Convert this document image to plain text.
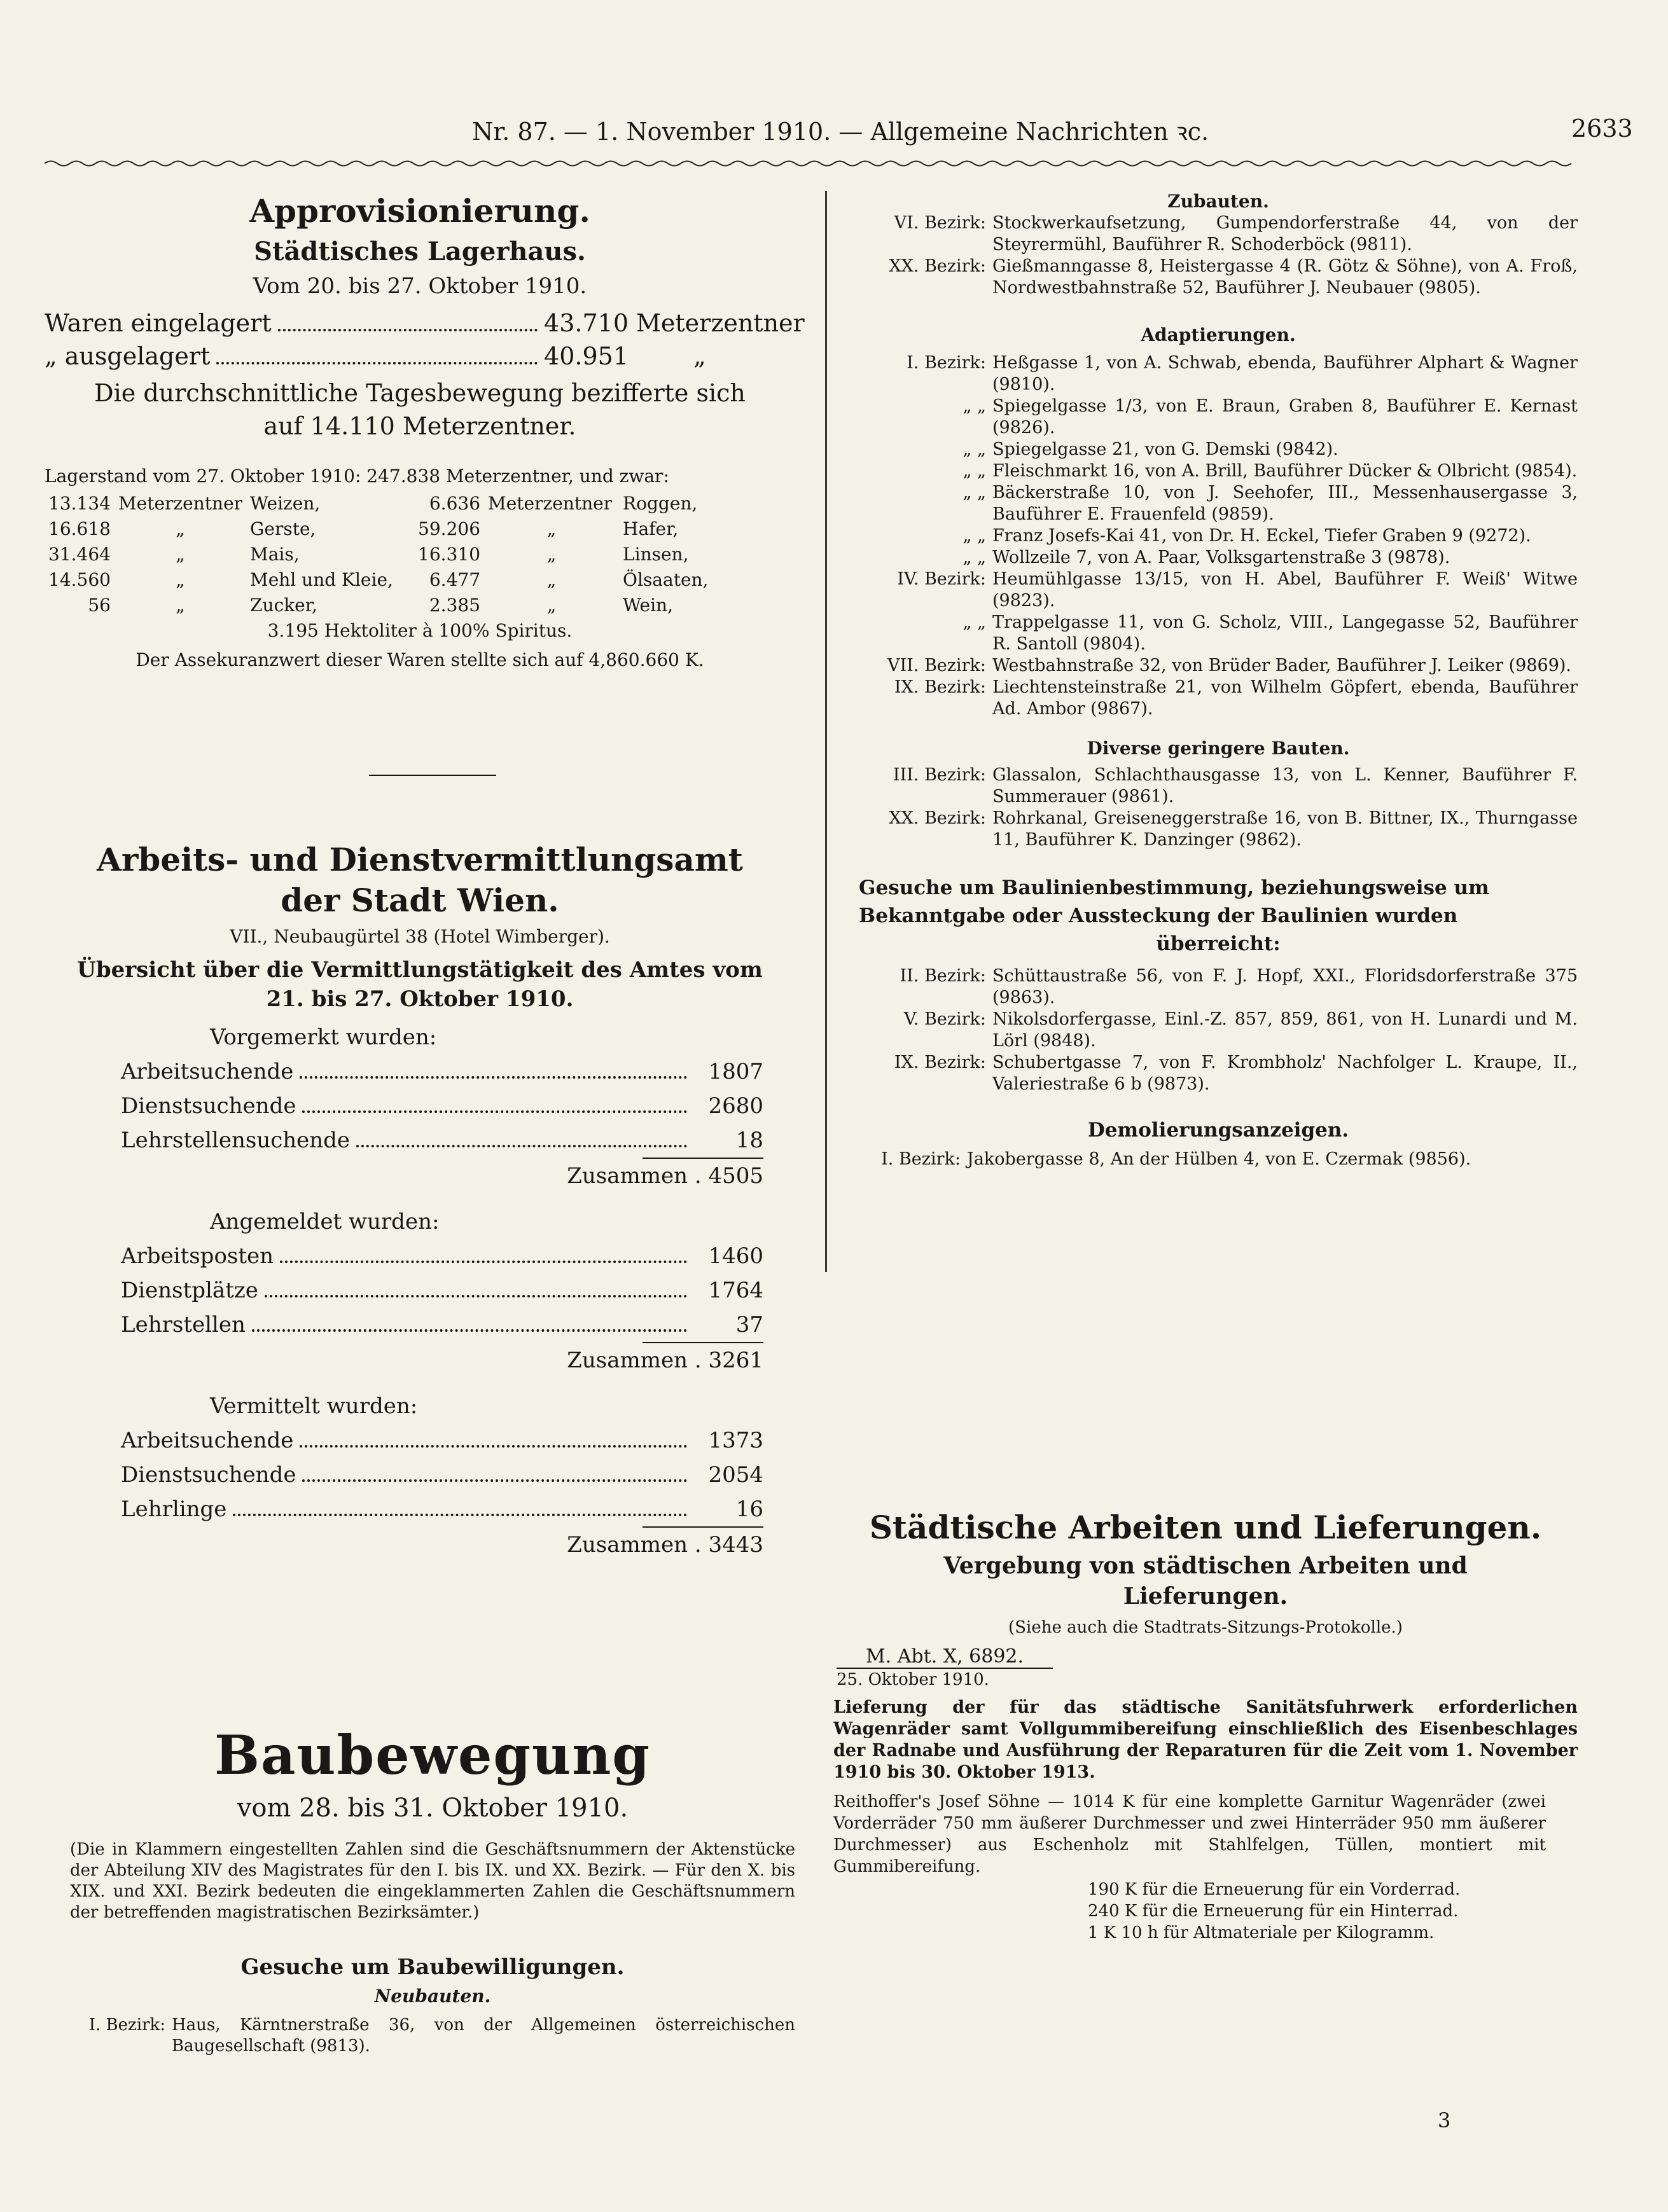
Nr. 87. — 1. November 1910. — Allgemeine Nachrichten ꝛc.	2633
Approvisionierung.
Städtisches Lagerhaus.
Vom 20. bis 27. Oktober 1910.
Waren eingelagert	43.710 Meterzentner
„ ausgelagert	40.951	„
Die durchschnittliche Tagesbewegung bezifferte sich auf 14.110 Meterzentner.
Lagerstand vom 27. Oktober 1910: 247.838 Meterzentner, und zwar:
13.134	Meterzentner	Weizen,	6.636	Meterzentner	Roggen,
16.618	„	Gerste,	59.206	„	Hafer,
31.464	„	Mais,	16.310	„	Linsen,
14.560	„	Mehl und Kleie,	6.477	„	Ölsaaten,
56	„	Zucker,	2.385	„	Wein,
3.195 Hektoliter à 100% Spiritus.
Der Assekuranzwert dieser Waren stellte sich auf 4,860.660 K.
Arbeits- und Dienstvermittlungsamt
der Stadt Wien.
VII., Neubaugürtel 38 (Hotel Wimberger).
Übersicht über die Vermittlungstätigkeit des Amtes vom
21. bis 27. Oktober 1910.
Vorgemerkt wurden:
Arbeitsuchende	1807
Dienstsuchende	2680
Lehrstellensuchende	18
Zusammen . 4505
Angemeldet wurden:
Arbeitsposten	1460
Dienstplätze	1764
Lehrstellen	37
Zusammen . 3261
Vermittelt wurden:
Arbeitsuchende	1373
Dienstsuchende	2054
Lehrlinge	16
Zusammen . 3443
Baubewegung
vom 28. bis 31. Oktober 1910.
(Die in Klammern eingestellten Zahlen sind die Geschäftsnummern der Aktenstücke der Abteilung XIV des Magistrates für den I. bis IX. und XX. Bezirk. — Für den X. bis XIX. und XXI. Bezirk bedeuten die eingeklammerten Zahlen die Geschäftsnummern der betreffenden magistratischen Bezirksämter.)
Gesuche um Baubewilligungen.
Neubauten.
I. Bezirk: Haus, Kärntnerstraße 36, von der Allgemeinen österreichischen Baugesellschaft (9813).
Zubauten.
VI. Bezirk: Stockwerkaufsetzung, Gumpendorferstraße 44, von der Steyrermühl, Bauführer R. Schoderböck (9811).
XX. Bezirk: Gießmanngasse 8, Heistergasse 4 (R. Götz & Söhne), von A. Froß, Nordwestbahnstraße 52, Bauführer J. Neubauer (9805).
Adaptierungen.
I. Bezirk: Heßgasse 1, von A. Schwab, ebenda, Bauführer Alphart & Wagner (9810).
„ „ Spiegelgasse 1/3, von E. Braun, Graben 8, Bauführer E. Kernast (9826).
„ „ Spiegelgasse 21, von G. Demski (9842).
„ „ Fleischmarkt 16, von A. Brill, Bauführer Dücker & Olbricht (9854).
„ „ Bäckerstraße 10, von J. Seehofer, III., Messenhausergasse 3, Bauführer E. Frauenfeld (9859).
„ „ Franz Josefs-Kai 41, von Dr. H. Eckel, Tiefer Graben 9 (9272).
„ „ Wollzeile 7, von A. Paar, Volksgartenstraße 3 (9878).
IV. Bezirk: Heumühlgasse 13/15, von H. Abel, Bauführer F. Weiß' Witwe (9823).
„ „ Trappelgasse 11, von G. Scholz, VIII., Langegasse 52, Bauführer R. Santoll (9804).
VII. Bezirk: Westbahnstraße 32, von Brüder Bader, Bauführer J. Leiker (9869).
IX. Bezirk: Liechtensteinstraße 21, von Wilhelm Göpfert, ebenda, Bauführer Ad. Ambor (9867).
Diverse geringere Bauten.
III. Bezirk: Glassalon, Schlachthausgasse 13, von L. Kenner, Bauführer F. Summerauer (9861).
XX. Bezirk: Rohrkanal, Greiseneggerstraße 16, von B. Bittner, IX., Thurngasse 11, Bauführer K. Danzinger (9862).
Gesuche um Baulinienbestimmung, beziehungsweise um
Bekanntgabe oder Aussteckung der Baulinien wurden
überreicht:
II. Bezirk: Schüttaustraße 56, von F. J. Hopf, XXI., Floridsdorferstraße 375 (9863).
V. Bezirk: Nikolsdorfergasse, Einl.-Z. 857, 859, 861, von H. Lunardi und M. Lörl (9848).
IX. Bezirk: Schubertgasse 7, von F. Krombholz' Nachfolger L. Kraupe, II., Valeriestraße 6 b (9873).
Demolierungsanzeigen.
I. Bezirk: Jakobergasse 8, An der Hülben 4, von E. Czermak (9856).
Städtische Arbeiten und Lieferungen.
Vergebung von städtischen Arbeiten und
Lieferungen.
(Siehe auch die Stadtrats-Sitzungs-Protokolle.)
M. Abt. X, 6892.
25. Oktober 1910.
Lieferung der für das städtische Sanitätsfuhrwerk erforderlichen Wagenräder samt Vollgummibereifung einschließlich des Eisenbeschlages der Radnabe und Ausführung der Reparaturen für die Zeit vom 1. November 1910 bis 30. Oktober 1913.
Reithoffer's Josef Söhne — 1014 K für eine komplette Garnitur Wagenräder (zwei Vorderräder 750 mm äußerer Durchmesser und zwei Hinterräder 950 mm äußerer Durchmesser) aus Eschenholz mit Stahlfelgen, Tüllen, montiert mit Gummibereifung.
190 K für die Erneuerung für ein Vorderrad.
240 K für die Erneuerung für ein Hinterrad.
1 K 10 h für Altmateriale per Kilogramm.
3
